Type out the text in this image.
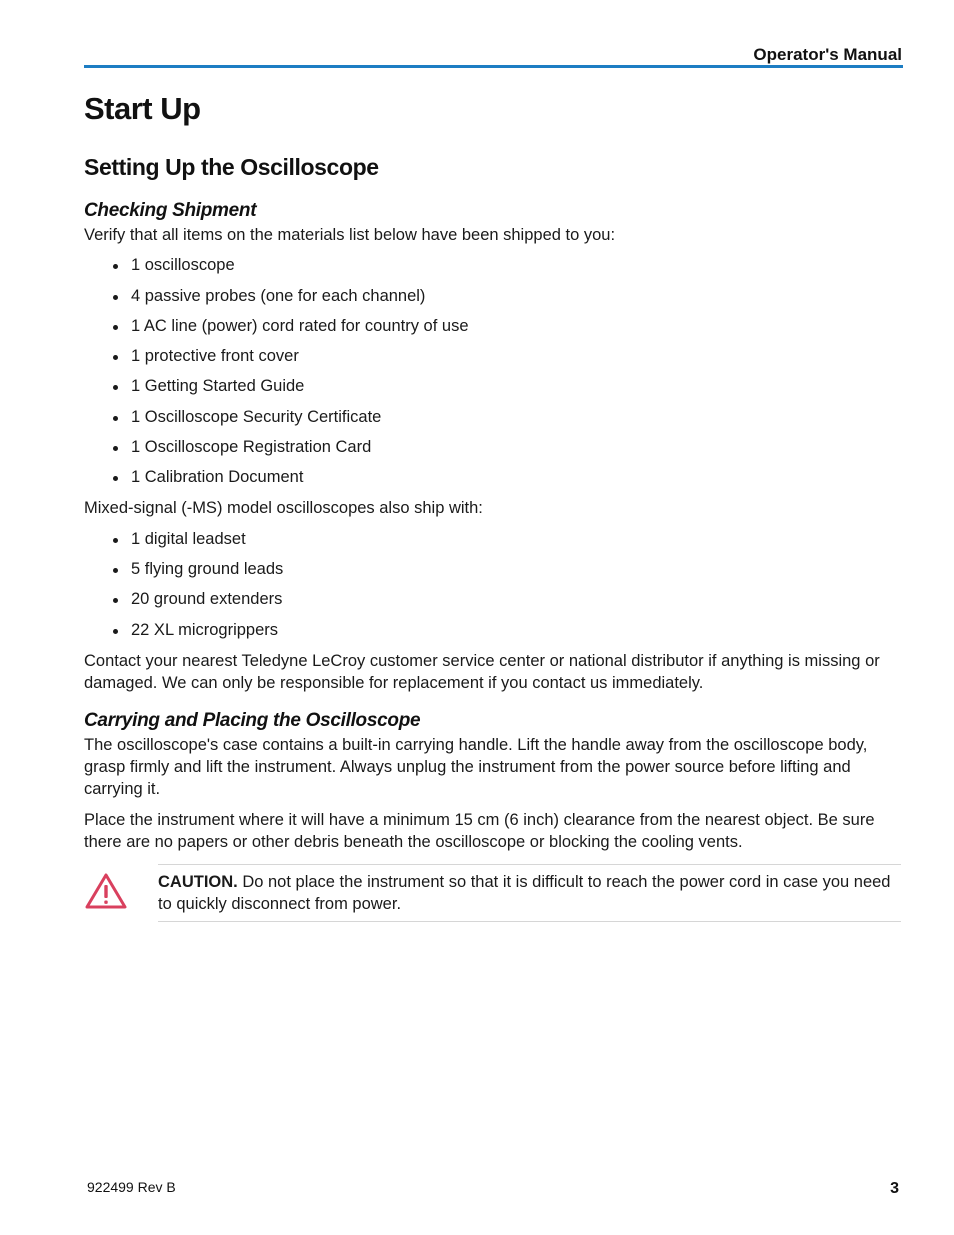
Operator's Manual
Start Up
Setting Up the Oscilloscope
Checking Shipment

Verify that all items on the materials list below have been shipped to you:

1 oscilloscope
4 passive probes (one for each channel)
1 AC line (power) cord rated for country of use
1 protective front cover
1 Getting Started Guide
1 Oscilloscope Security Certificate
1 Oscilloscope Registration Card
1 Calibration Document

Mixed-signal (-MS) model oscilloscopes also ship with:

1 digital leadset
5 flying ground leads
20 ground extenders
22 XL microgrippers

Contact your nearest Teledyne LeCroy customer service center or national distributor if anything is missing or damaged. We can only be responsible for replacement if you contact us immediately.

Carrying and Placing the Oscilloscope

The oscilloscope's case contains a built-in carrying handle. Lift the handle away from the oscilloscope body, grasp firmly and lift the instrument. Always unplug the instrument from the power source before lifting and carrying it.

Place the instrument where it will have a minimum 15 cm (6 inch) clearance from the nearest object. Be sure there are no papers or other debris beneath the oscilloscope or blocking the cooling vents.

CAUTION. Do not place the instrument so that it is difficult to reach the power cord in case you need to quickly disconnect from power.

922499 Rev B	3
